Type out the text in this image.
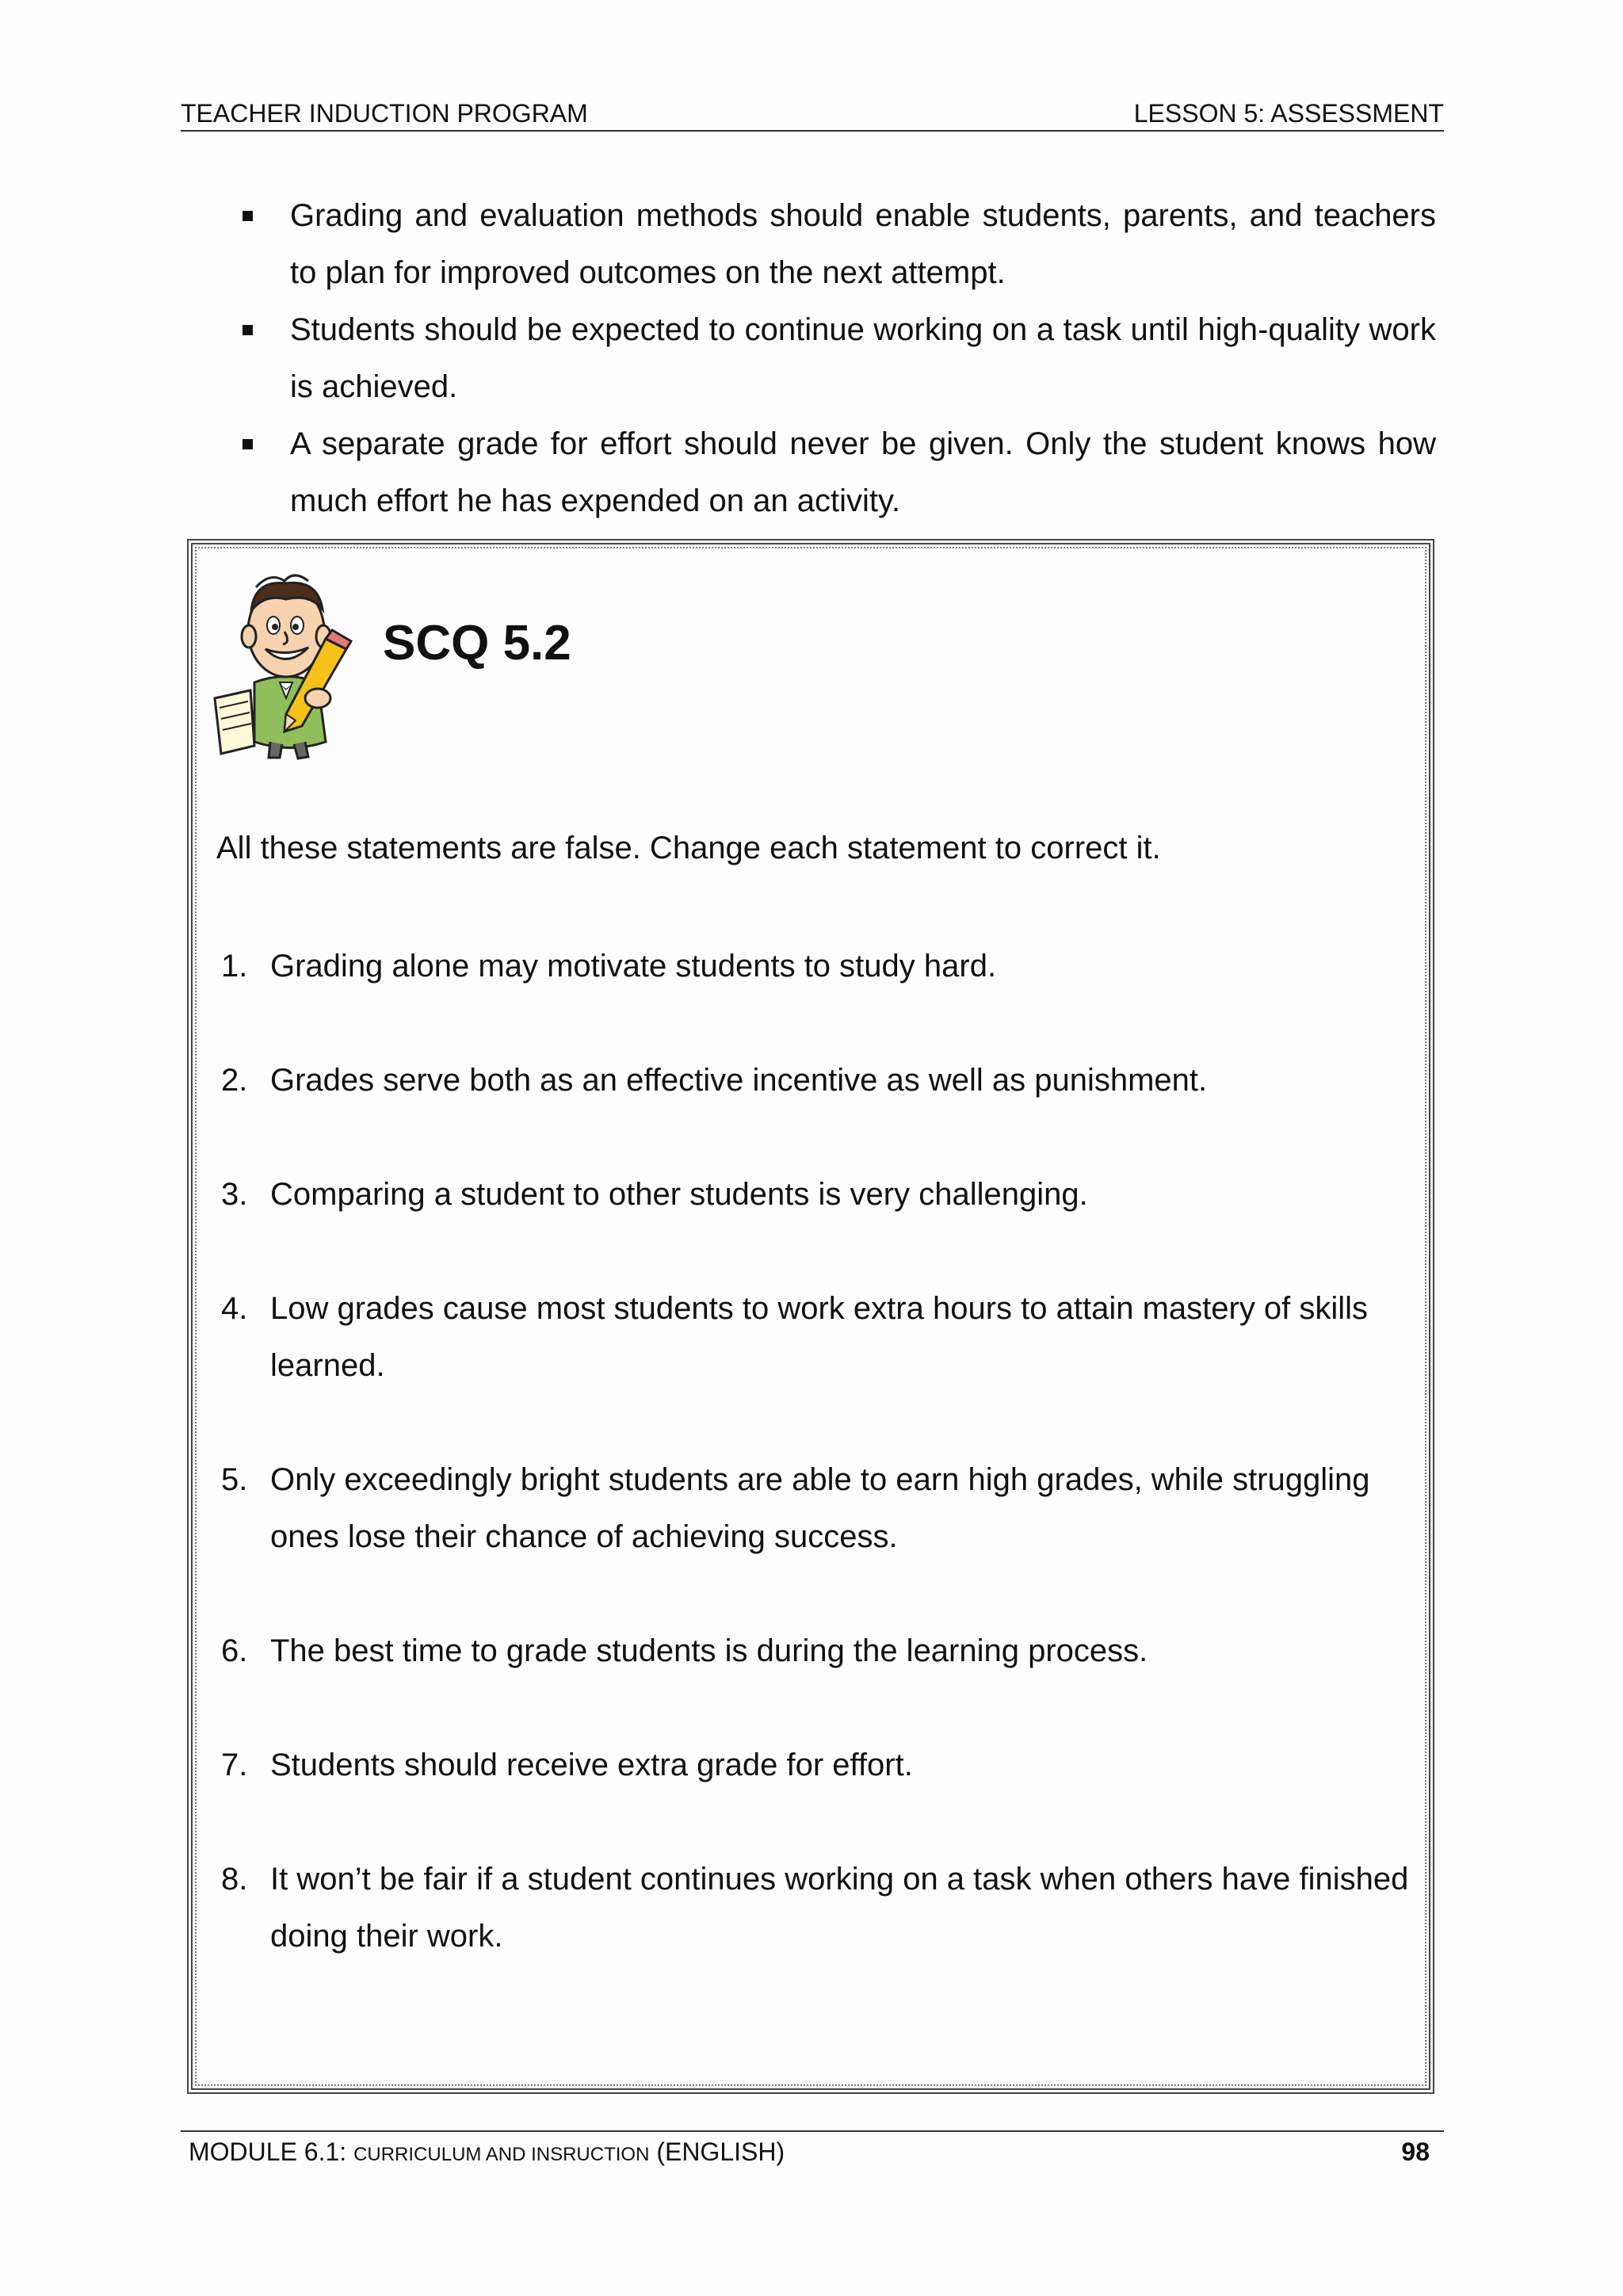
TEACHER INDUCTION PROGRAM	LESSON 5: ASSESSMENT
Grading and evaluation methods should enable students, parents, and teachers to plan for improved outcomes on the next attempt.
Students should be expected to continue working on a task until high-quality work is achieved.
A separate grade for effort should never be given. Only the student knows how much effort he has expended on an activity.
SCQ 5.2
All these statements are false. Change each statement to correct it.
1. Grading alone may motivate students to study hard.
2. Grades serve both as an effective incentive as well as punishment.
3. Comparing a student to other students is very challenging.
4. Low grades cause most students to work extra hours to attain mastery of skills learned.
5. Only exceedingly bright students are able to earn high grades, while struggling ones lose their chance of achieving success.
6. The best time to grade students is during the learning process.
7. Students should receive extra grade for effort.
8. It won’t be fair if a student continues working on a task when others have finished doing their work.
MODULE 6.1: CURRICULUM AND INSRUCTION (ENGLISH)	98
